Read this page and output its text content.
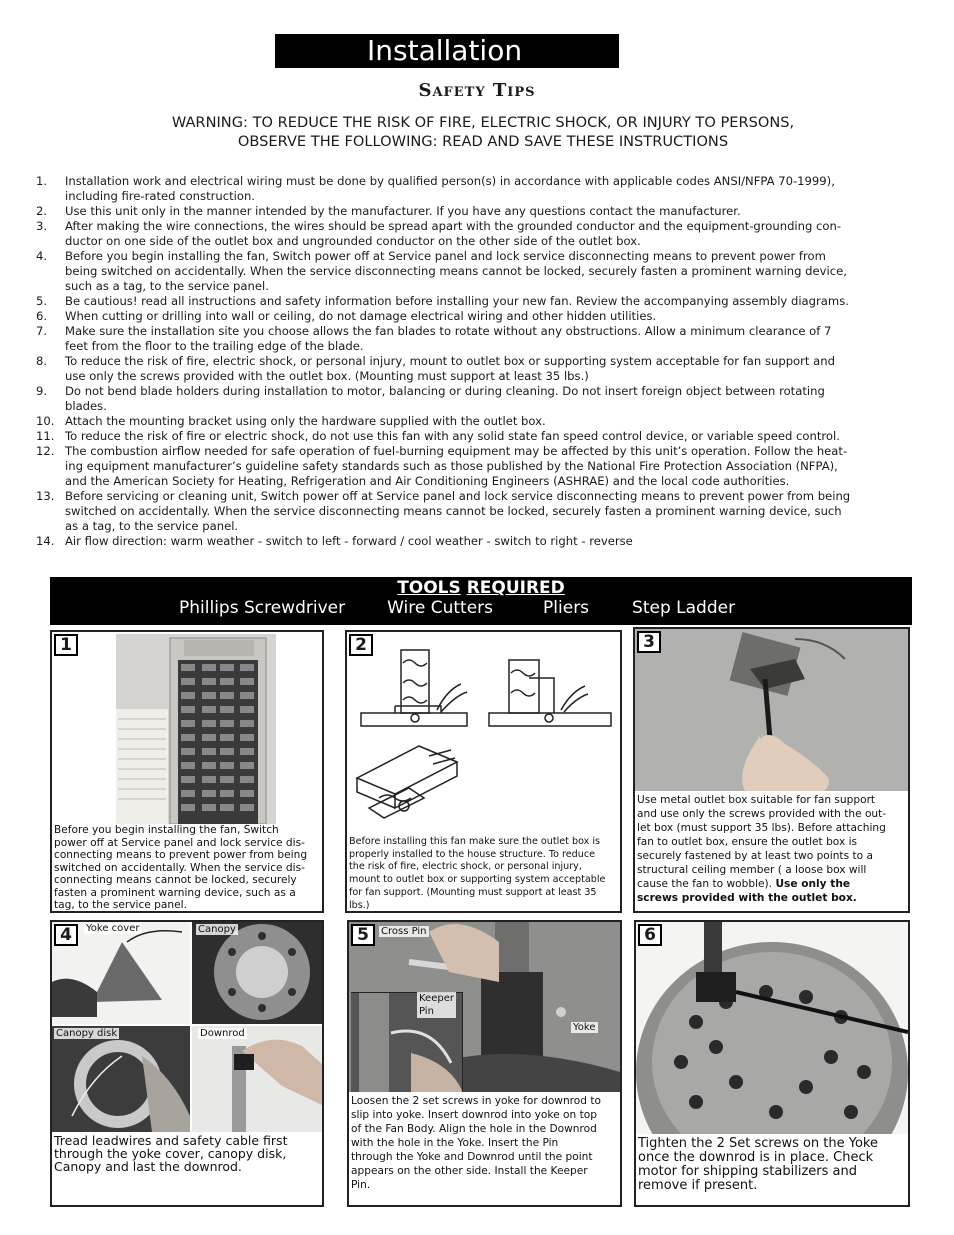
Installation
Safety Tips
WARNING: TO REDUCE THE RISK OF FIRE, ELECTRIC SHOCK, OR INJURY TO PERSONS,
OBSERVE THE FOLLOWING: READ AND SAVE THESE INSTRUCTIONS
1.	Installation work and electrical wiring must be done by qualified person(s) in accordance with applicable codes ANSI/NFPA 70-1999),
including fire-rated construction.
2.	Use this unit only in the manner intended by the manufacturer. If you have any questions contact the manufacturer.
3.	After making the wire connections, the wires should be spread apart with the grounded conductor and the equipment-grounding con-
ductor on one side of the outlet box and ungrounded conductor on the other side of the outlet box.
4.	Before you begin installing the fan, Switch power off at Service panel and lock service disconnecting means to prevent power from
being switched on accidentally. When the service disconnecting means cannot be locked, securely fasten a prominent warning device,
such as a tag, to the service panel.
5.	Be cautious! read all instructions and safety information before installing your new fan. Review the accompanying assembly diagrams.
6.	When cutting or drilling into wall or ceiling, do not damage electrical wiring and other hidden utilities.
7.	Make sure the installation site you choose allows the fan blades to rotate without any obstructions. Allow a minimum clearance of 7
feet from the floor to the trailing edge of the blade.
8.	To reduce the risk of fire, electric shock, or personal injury, mount to outlet box or supporting system acceptable for fan support and
use only the screws provided with the outlet box. (Mounting must support at least 35 lbs.)
9.	Do not bend blade holders during installation to motor, balancing or during cleaning. Do not insert foreign object between rotating
blades.
10. Attach the mounting bracket using only the hardware supplied with the outlet box.
11. To reduce the risk of fire or electric shock, do not use this fan with any solid state fan speed control device, or variable speed control.
12. The combustion airflow needed for safe operation of fuel-burning equipment may be affected by this unit’s operation. Follow the heat-
ing equipment manufacturer’s guideline safety standards such as those published by the National Fire Protection Association (NFPA),
and the American Society for Heating, Refrigeration and Air Conditioning Engineers (ASHRAE) and the local code authorities.
13. Before servicing or cleaning unit, Switch power off at Service panel and lock service disconnecting means to prevent power from being
switched on accidentally. When the service disconnecting means cannot be locked, securely fasten a prominent warning device, such
as a tag, to the service panel.
14. Air flow direction: warm weather - switch to left - forward / cool weather - switch to right - reverse
TOOLS REQUIRED
Phillips Screwdriver Wire Cutters	Pliers	Step Ladder
1
Before you begin installing the fan, Switch
power off at Service panel and lock service dis-
connecting means to prevent power from being
switched on accidentally. When the service dis-
connecting means cannot be locked, securely
fasten a prominent warning device, such as a
tag, to the service panel.
2
Before installing this fan make sure the outlet box is
properly installed to the house structure. To reduce
the risk of fire, electric shock, or personal injury,
mount to outlet box or supporting system acceptable
for fan support. (Mounting must support at least 35
lbs.)
3
Use metal outlet box suitable for fan support
and use only the screws provided with the out-
let box (must support 35 lbs). Before attaching
fan to outlet box, ensure the outlet box is
securely fastened by at least two points to a
structural ceiling member ( a loose box will
cause the fan to wobble). Use only the
screws provided with the outlet box.
4	Yoke cover	Canopy
Canopy disk	Downrod
Tread leadwires and safety cable first
through the yoke cover, canopy disk,
Canopy and last the downrod.
5	Cross Pin
Keeper
Pin
Yoke
Loosen the 2 set screws in yoke for downrod to
slip into yoke. Insert downrod into yoke on top
of the Fan Body. Align the hole in the Downrod
with the hole in the Yoke. Insert the Pin
through the Yoke and Downrod until the point
appears on the other side. Install the Keeper
Pin.
6
Tighten the 2 Set screws on the Yoke
once the downrod is in place. Check
motor for shipping stabilizers and
remove if present.
